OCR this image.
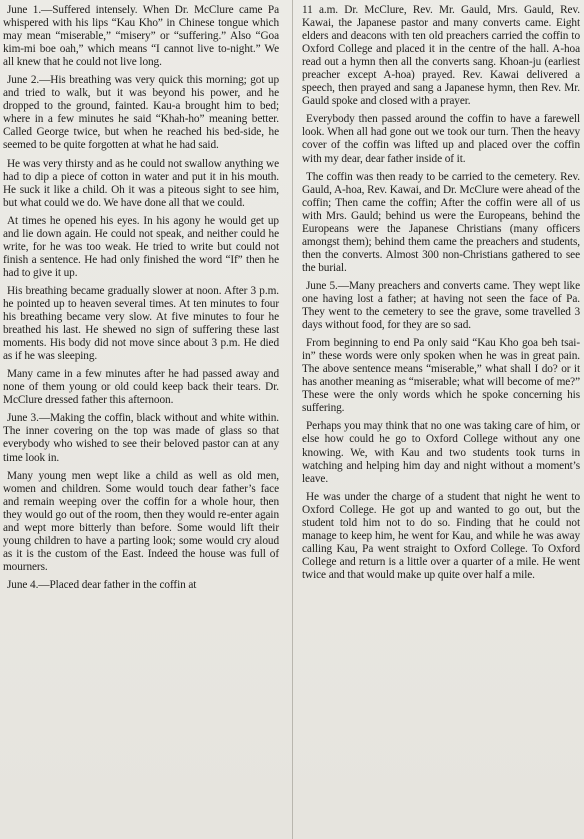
June 1.—Suffered intensely. When Dr. McClure came Pa whispered with his lips “Kau Kho” in Chinese tongue which may mean “miserable,” “misery” or “suffering.” Also “Goa kim-mi boe oah,” which means “I cannot live to-night.” We all knew that he could not live long.

June 2.—His breathing was very quick this morning; got up and tried to walk, but it was beyond his power, and he dropped to the ground, fainted. Kau-a brought him to bed; where in a few minutes he said “Khah-ho” meaning better. Called George twice, but when he reached his bed-side, he seemed to be quite forgotten at what he had said.

He was very thirsty and as he could not swallow anything we had to dip a piece of cotton in water and put it in his mouth. He suck it like a child. Oh it was a piteous sight to see him, but what could we do. We have done all that we could.

At times he opened his eyes. In his agony he would get up and lie down again. He could not speak, and neither could he write, for he was too weak. He tried to write but could not finish a sentence. He had only finished the word “If” then he had to give it up.

His breathing became gradually slower at noon. After 3 p.m. he pointed up to heaven several times. At ten minutes to four his breathing became very slow. At five minutes to four he breathed his last. He shewed no sign of suffering these last moments. His body did not move since about 3 p.m. He died as if he was sleeping.

Many came in a few minutes after he had passed away and none of them young or old could keep back their tears. Dr. McClure dressed father this afternoon.

June 3.—Making the coffin, black without and white within. The inner covering on the top was made of glass so that everybody who wished to see their beloved pastor can at any time look in.

Many young men wept like a child as well as old men, women and children. Some would touch dear father’s face and remain weeping over the coffin for a whole hour, then they would go out of the room, then they would re-enter again and wept more bitterly than before. Some would lift their young children to have a parting look; some would cry aloud as it is the custom of the East. Indeed the house was full of mourners.

June 4.—Placed dear father in the coffin at

11 a.m. Dr. McClure, Rev. Mr. Gauld, Mrs. Gauld, Rev. Kawai, the Japanese pastor and many converts came. Eight elders and deacons with ten old preachers carried the coffin to Oxford College and placed it in the centre of the hall. A-hoa read out a hymn then all the converts sang. Khoan-ju (earliest preacher except A-hoa) prayed. Rev. Kawai delivered a speech, then prayed and sang a Japanese hymn, then Rev. Mr. Gauld spoke and closed with a prayer.

Everybody then passed around the coffin to have a farewell look. When all had gone out we took our turn. Then the heavy cover of the coffin was lifted up and placed over the coffin with my dear, dear father inside of it.

The coffin was then ready to be carried to the cemetery. Rev. Gauld, A-hoa, Rev. Kawai, and Dr. McClure were ahead of the coffin; Then came the coffin; After the coffin were all of us with Mrs. Gauld; behind us were the Europeans, behind the Europeans were the Japanese Christians (many officers amongst them); behind them came the preachers and students, then the converts. Almost 300 non-Christians gathered to see the burial.

June 5.—Many preachers and converts came. They wept like one having lost a father; at having not seen the face of Pa. They went to the cemetery to see the grave, some travelled 3 days without food, for they are so sad.

From beginning to end Pa only said “Kau Kho goa beh tsai-in” these words were only spoken when he was in great pain. The above sentence means “miserable,” what shall I do? or it has another meaning as “miserable; what will become of me?” These were the only words which he spoke concerning his suffering.

Perhaps you may think that no one was taking care of him, or else how could he go to Oxford College without any one knowing. We, with Kau and two students took turns in watching and helping him day and night without a moment’s leave.

He was under the charge of a student that night he went to Oxford College. He got up and wanted to go out, but the student told him not to do so. Finding that he could not manage to keep him, he went for Kau, and while he was away calling Kau, Pa went straight to Oxford College. To Oxford College and return is a little over a quarter of a mile. He went twice and that would make up quite over half a mile.
